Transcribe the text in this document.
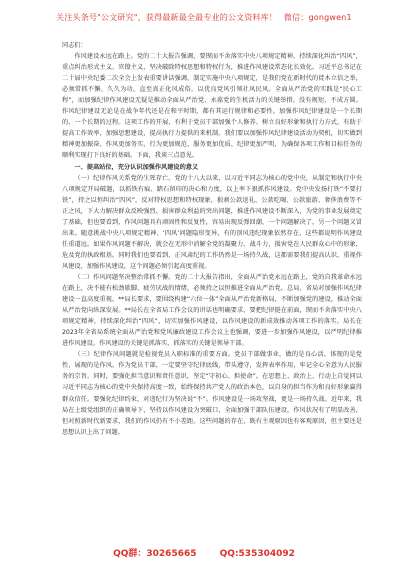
关注头条号"公文研究"，获得最新最全最专业的公文资料库！ 微信：gongwen1

同志们：

作风建设永远在路上。党的二十大报告强调，要锲而不舍落实中央八项规定精神，持续深化纠治“四风”，重点纠治形式主义、官僚主义，坚决破除特权思想和特权行为，推进作风建设常态化长效化。习近平总书记在二十届中央纪委二次全会上发表重要讲话强调，制定实施中央八项规定，是我们党在新时代的徙木立信之举，必须常抓不懈、久久为功，直至真正化风成俗，以优良党风引领社风民风。全面从严治党的实践是“民心工程”，而加强纪律作风建设无疑是推动全面从严治党、永葆党的生机活力的关键举措。没有规矩，不成方圆。作风纪律建设无论是在战争年代还是在和平时期，都有其运行规律和必要性。加强作风纪律建设是一个长期的、一个长期的过程。这项工作的开展，有利于党员干部加强个人修养、树立良好形象和执行力方式，有助于提高工作效率，加强思想建设，提高执行力提供的来机制。我们要以加强作风纪律建设活动为契机，切实做到精神更加振奋、作风更加务实、行为更加规范、服务更加优质、纪律更加严明，为确保各项工作和目标任务的顺利实现打下良好的基础。下面，我谈三点意见。

一、提高站位，充分认识加强作风建设的意义

（一）纪律作风关系党的生死存亡。党的十八大以来，以习近平同志为核心的党中央，从制定和执行中央八项规定开局破题，以抓铁有痕、踏石留印的决心和力度，以上率下狠抓作风建设。党中央发扬打铁“不要打铁”，持之以恒纠治“四风”，反对特权思想和特权现象，狠刹公款送礼、公款吃喝、公款旅游、奢侈浪费等不正之风，下大力解决群众反映强烈、损害群众利益的突出问题，推进作风建设不断深入，为党的事业发展奠定了基础，但也要看到，作风问题具有顽固性和反复性，容易出现反弹回潮，一个问题解决了，另一个问题又冒出来。随意挑战中央八项规定精神、‘四风’问题隐形变异，有的顶风违纪现象依然存在，这些都说明作风建设任重道远。如果作风问题不解决，就会在无形中消解全党的凝聚力、战斗力，损害党在人民群众心中的形象，危及党的执政根基。同时我们也要看到，正风肃纪的工作仍然是一场持久战，这都需要我们提高认识、重视作风建设、加强作风建设，这个问题必须引起高度重视。

（二）作风问题坚决整治常抓不懈。党的二十大报告指出，全面从严治党永远在路上，党的自我革命永远在路上，决不能有松劲歇脚、疲劳厌战的情绪，必须持之以恒推进全面从严治党。总局、省局对加强作风纪律建设一直高度重视，**局长要求，要围绕构建“六位一体”全面从严治党新格局，不断加强党的建设，推动全面从严治党向纵深发展。**局长在全省局工作会议的讲话也明确要求，要把纪律挺在前面，锲而不舍落实中央八项规定精神，持续深化纠治“四风”，切实加强作风建设，以作风建设的新成效推动各项工作的落实。局长在2023年全省局系统全面从严治党和党风廉政建设工作会议上也强调，要进一步加强作风建设，以严明纪律推进作风建设。作风建设的关键是抓落实，抓落实的关键是领导干部。

（三）纪律作风问题就是检视党员入职标准的重要方面。党员干部做事业，做的是良心活，体现的是党性，展现的是作风。作为党员干部，一定要坚守纪律底线，带头遵守，发挥表率作用，牢记全心全意为人民服务的宗旨。同时，要强化担当意识和责任意识，坚定“守初心、担使命”。在思想上、政治上、行动上自觉同以习近平同志为核心的党中央保持高度一致，始终保持共产党人的政治本色，以自身的担当作为和良好形象赢得群众信任。要强化纪律约束，对违纪行为坚决说“不”。作风建设是一场攻坚战，更是一场持久战。近年来，我局在上级党组织的正确领导下，坚持以作风建设为突破口，全面加强干部队伍建设，作风状况有了明显改善，但对照新时代新要求，我们的作风仍有不小差距。这些问题的存在，既有主观原因也有客观原因，但主要还是思想认识上出了问题。

QQ群：30265665	QQ:535304092
